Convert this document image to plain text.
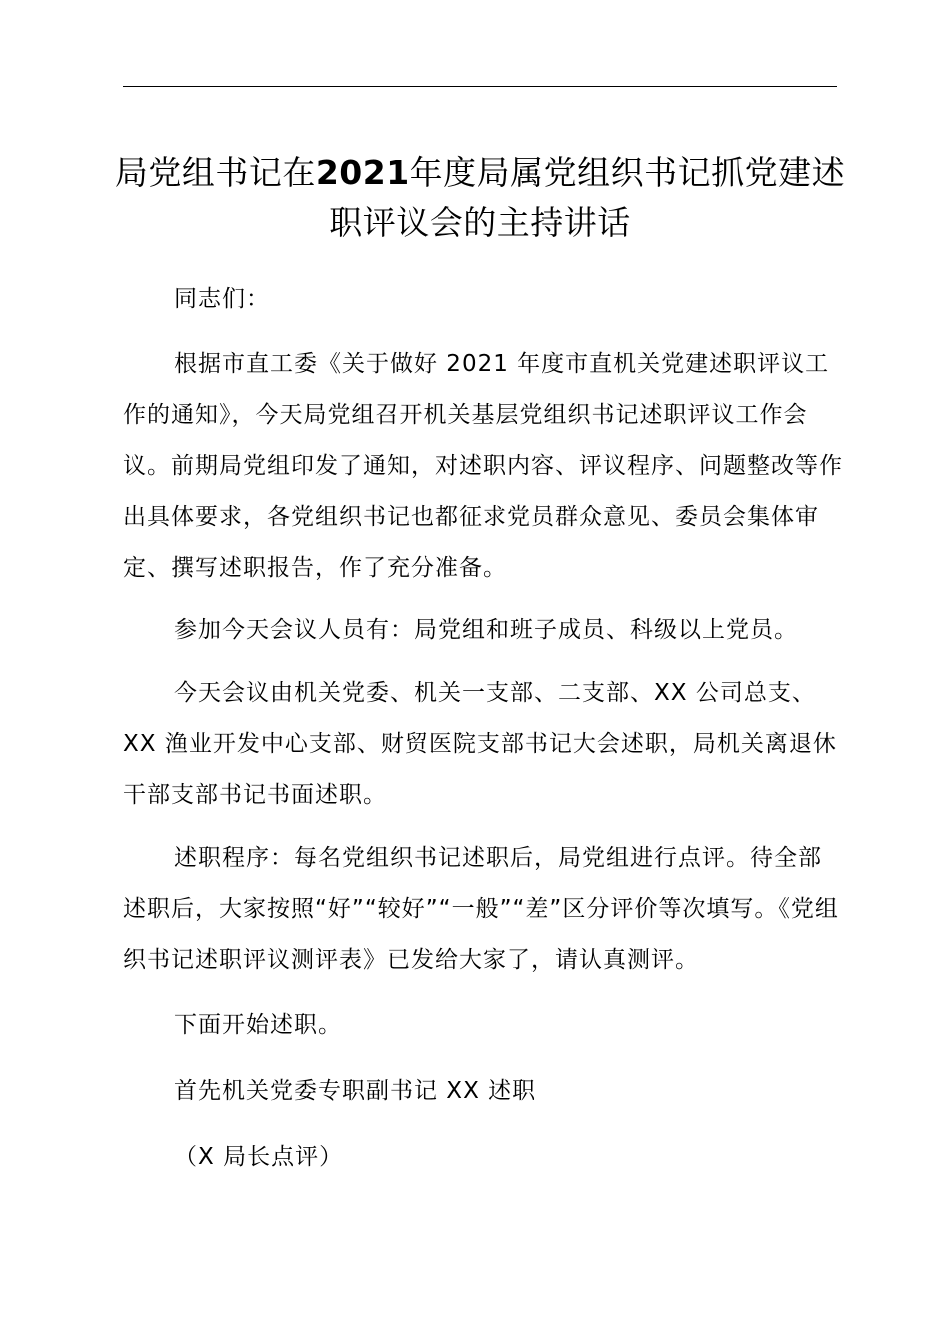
局党组书记在2021年度局属党组织书记抓党建述职评议会的主持讲话

同志们：

根据市直工委《关于做好 2021 年度市直机关党建述职评议工作的通知》，今天局党组召开机关基层党组织书记述职评议工作会议。前期局党组印发了通知，对述职内容、评议程序、问题整改等作出具体要求，各党组织书记也都征求党员群众意见、委员会集体审定、撰写述职报告，作了充分准备。

参加今天会议人员有：局党组和班子成员、科级以上党员。

今天会议由机关党委、机关一支部、二支部、XX 公司总支、XX 渔业开发中心支部、财贸医院支部书记大会述职，局机关离退休干部支部书记书面述职。

述职程序：每名党组织书记述职后，局党组进行点评。待全部述职后，大家按照“好”“较好”“一般”“差”区分评价等次填写。《党组织书记述职评议测评表》已发给大家了，请认真测评。

下面开始述职。

首先机关党委专职副书记 XX 述职

（X 局长点评）
